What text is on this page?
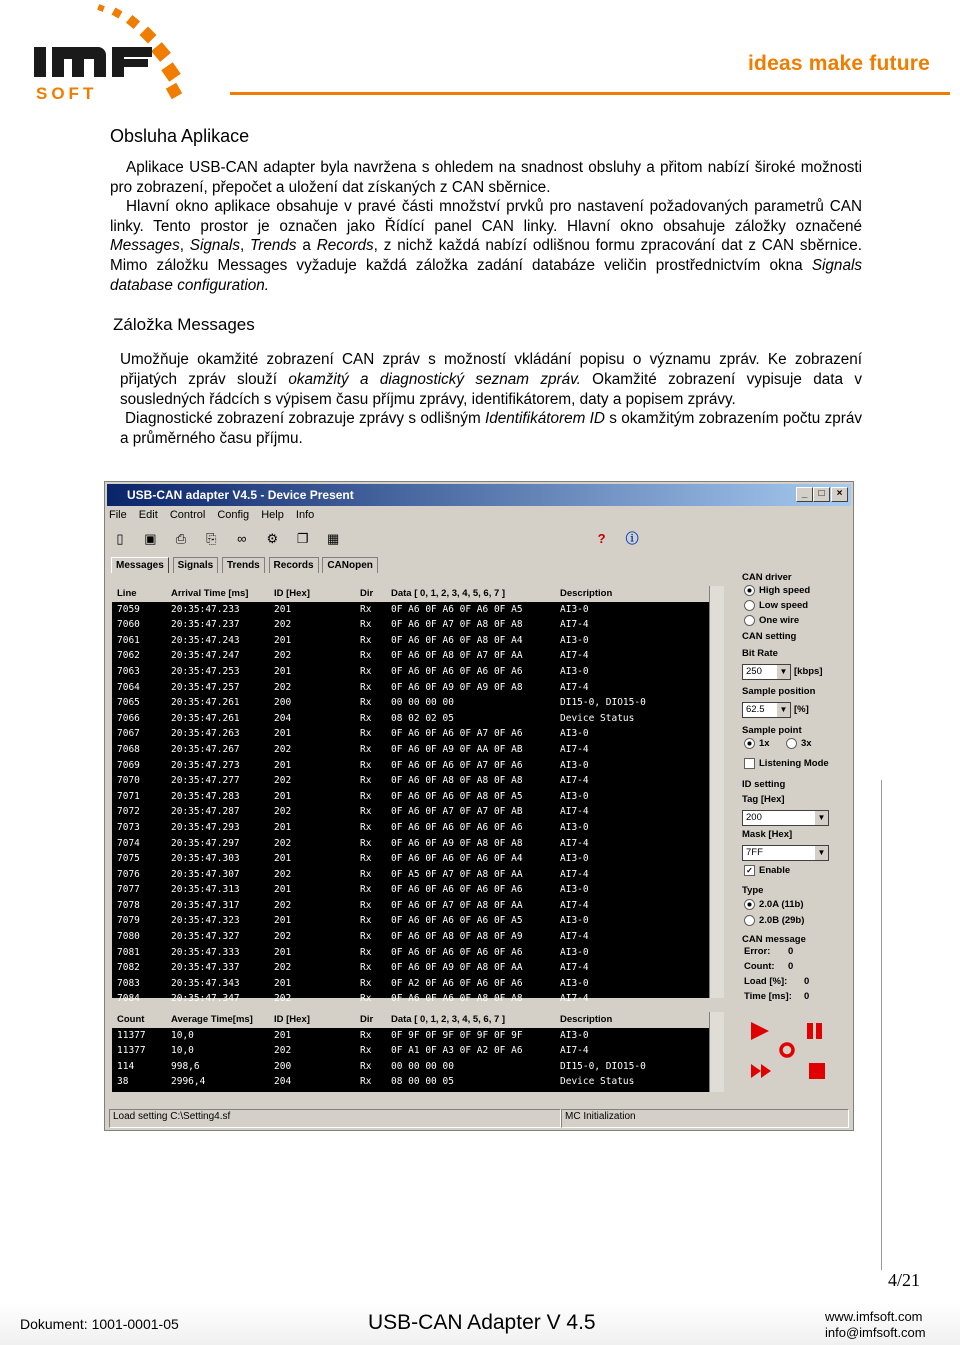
SOFT
ideas make future
Obsluha Aplikace

Aplikace USB-CAN adapter byla navržena s ohledem na snadnost obsluhy a přitom nabízí široké možnosti pro zobrazení, přepočet a uložení dat získaných z CAN sběrnice.

Hlavní okno aplikace obsahuje v pravé části množství prvků pro nastavení požadovaných parametrů CAN linky. Tento prostor je označen jako Řídící panel CAN linky. Hlavní okno obsahuje záložky označené Messages, Signals, Trends a Records, z nichž každá nabízí odlišnou formu zpracování dat z CAN sběrnice. Mimo záložku Messages vyžaduje každá záložka zadání databáze veličin prostřednictvím okna Signals database configuration.

Záložka Messages

Umožňuje okamžité zobrazení CAN zpráv s možností vkládání popisu o významu zpráv. Ke zobrazení přijatých zpráv slouží okamžitý a diagnostický seznam zpráv. Okamžité zobrazení vypisuje data v sousledných řádcích s výpisem času příjmu zprávy, identifikátorem, daty a popisem zprávy.

Diagnostické zobrazení zobrazuje zprávy s odlišným Identifikátorem ID s okamžitým zobrazením počtu zpráv a průměrného času příjmu.

USB-CAN adapter V4.5 - Device Present	_	□	×
File Edit Control Config Help Info
▯ ▣ ⎙ ⎘ ∞ ⚙ ❐ ▦	? ⓘ
Messages Signals Trends Records CANopen
Line	Arrival Time [ms]	ID [Hex]	Dir Data [ 0, 1, 2, 3, 4, 5, 6, 7 ]	Description
7059	20:35:47.233	201	Rx 0F A6 0F A6 0F A6 0F A5	AI3-0
7060	20:35:47.237	202	Rx 0F A6 0F A7 0F A8 0F A8	AI7-4
7061	20:35:47.243	201	Rx 0F A6 0F A6 0F A8 0F A4	AI3-0
7062	20:35:47.247	202	Rx 0F A6 0F A8 0F A7 0F AA	AI7-4
7063	20:35:47.253	201	Rx 0F A6 0F A6 0F A6 0F A6	AI3-0
7064	20:35:47.257	202	Rx 0F A6 0F A9 0F A9 0F A8	AI7-4
7065	20:35:47.261	200	Rx 00 00 00 00	DI15-0, DIO15-0
7066	20:35:47.261	204	Rx 08 02 02 05	Device Status
7067	20:35:47.263	201	Rx 0F A6 0F A6 0F A7 0F A6	AI3-0
7068	20:35:47.267	202	Rx 0F A6 0F A9 0F AA 0F AB	AI7-4
7069	20:35:47.273	201	Rx 0F A6 0F A6 0F A7 0F A6	AI3-0
7070	20:35:47.277	202	Rx 0F A6 0F A8 0F A8 0F A8	AI7-4
7071	20:35:47.283	201	Rx 0F A6 0F A6 0F A8 0F A5	AI3-0
7072	20:35:47.287	202	Rx 0F A6 0F A7 0F A7 0F AB	AI7-4
7073	20:35:47.293	201	Rx 0F A6 0F A6 0F A6 0F A6	AI3-0
7074	20:35:47.297	202	Rx 0F A6 0F A9 0F A8 0F A8	AI7-4
7075	20:35:47.303	201	Rx 0F A6 0F A6 0F A6 0F A4	AI3-0
7076	20:35:47.307	202	Rx 0F A5 0F A7 0F A8 0F AA	AI7-4
7077	20:35:47.313	201	Rx 0F A6 0F A6 0F A6 0F A6	AI3-0
7078	20:35:47.317	202	Rx 0F A6 0F A7 0F A8 0F AA	AI7-4
7079	20:35:47.323	201	Rx 0F A6 0F A6 0F A6 0F A5	AI3-0
7080	20:35:47.327	202	Rx 0F A6 0F A8 0F A8 0F A9	AI7-4
7081	20:35:47.333	201	Rx 0F A6 0F A6 0F A6 0F A6	AI3-0
7082	20:35:47.337	202	Rx 0F A6 0F A9 0F A8 0F AA	AI7-4
7083	20:35:47.343	201	Rx 0F A2 0F A6 0F A6 0F A6	AI3-0
7084	20:35:47.347	202	Rx 0F A6 0F A6 0F A8 0F A8	AI7-4
Count	Average Time[ms] ID [Hex]	Dir Data [ 0, 1, 2, 3, 4, 5, 6, 7 ]	Description
11377	10,0	201	Rx 0F 9F 0F 9F 0F 9F 0F 9F	AI3-0
11377	10,0	202	Rx 0F A1 0F A3 0F A2 0F A6	AI7-4
114	998,6	200	Rx 00 00 00 00	DI15-0, DIO15-0
38	2996,4	204	Rx 08 00 00 05	Device Status
CAN driver
High speed
Low speed
One wire
CAN setting
Bit Rate
250	▼ [kbps]
Sample position
62.5	▼ [%]
Sample point
1x	3x
Listening Mode
ID setting
Tag [Hex]
200	▼
Mask [Hex]
7FF	▼
✓ Enable
Type
2.0A (11b)
2.0B (29b)
CAN message
Error: 0
Count: 0
Load [%]: 0
Time [ms]: 0
Load setting C:\Setting4.sf	MC Initialization
4/21
Dokument: 1001-0001-05	USB-CAN Adapter V 4.5	www.imfsoft.com
info@imfsoft.com
